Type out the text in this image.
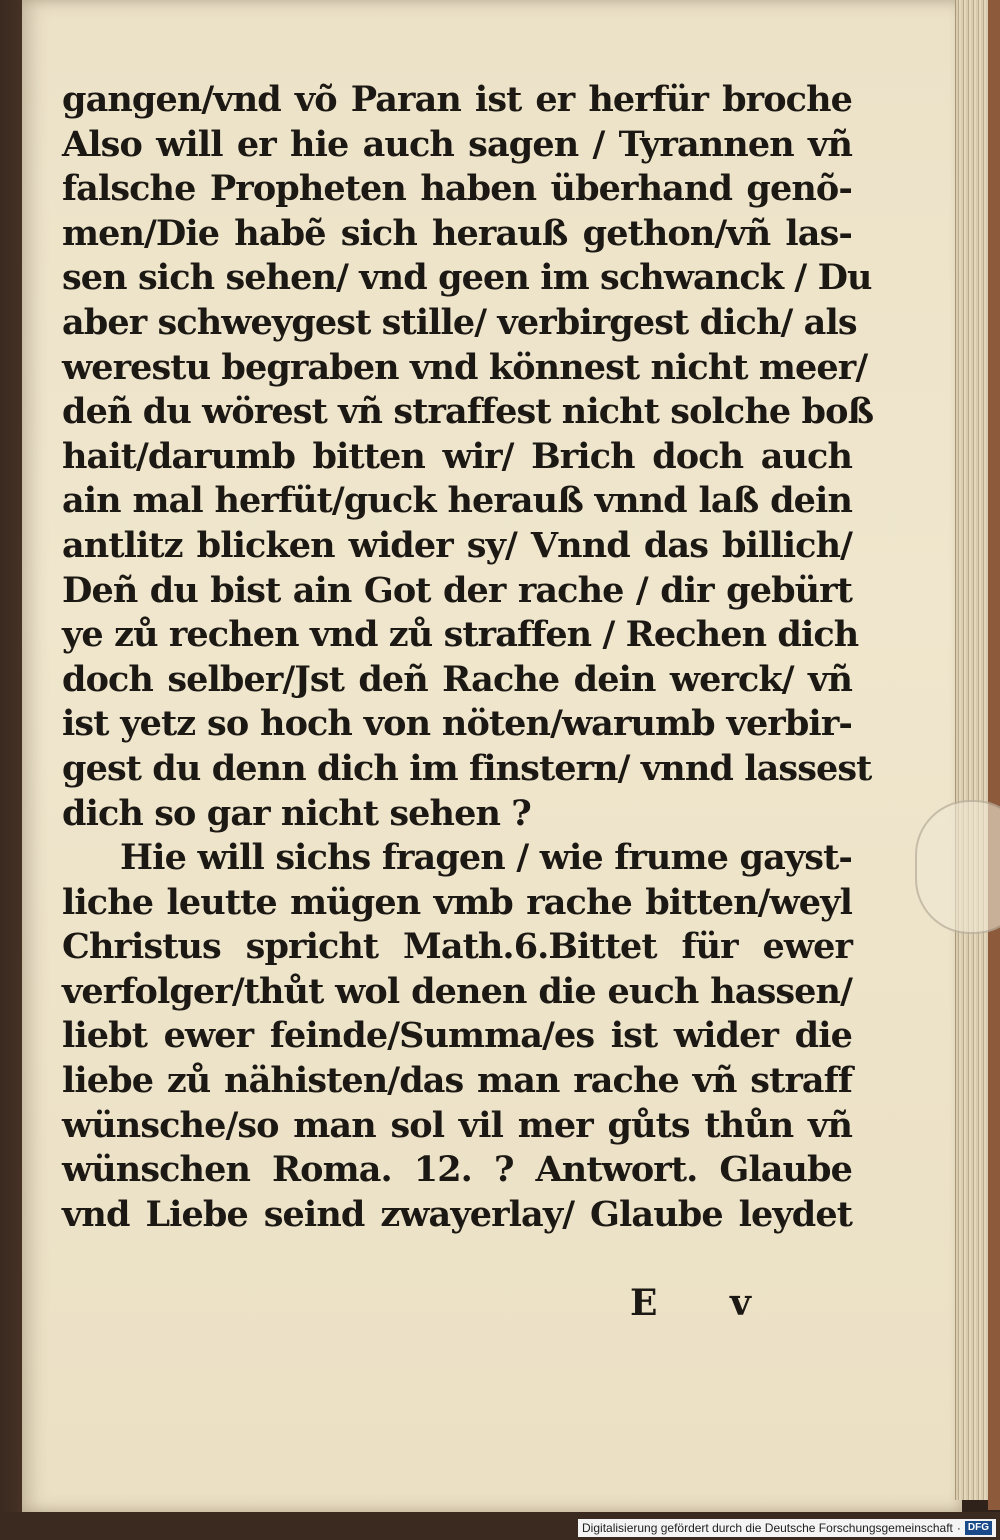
gangen/vnd võ Paran ist er herfür broche
Also will er hie auch sagen / Tyrannen vñ
falsche Propheten haben überhand genõ-
men/Die habẽ sich herauß gethon/vñ las-
sen sich sehen/ vnd geen im schwanck / Du
aber schweygest stille/ verbirgest dich/ als
werestu begraben vnd könnest nicht meer/
deñ du wörest vñ straffest nicht solche boß
hait/darumb bitten wir/ Brich doch auch
ain mal herfüt/guck herauß vnnd laß dein
antlitz blicken wider sy/ Vnnd das billich/
Deñ du bist ain Got der rache / dir gebürt
ye zů rechen vnd zů straffen / Rechen dich
doch selber/Jst deñ Rache dein werck/ vñ
ist yetz so hoch von nöten/warumb verbir-
gest du denn dich im finstern/ vnnd lassest
dich so gar nicht sehen ?
Hie will sichs fragen / wie frume gayst-
liche leutte mügen vmb rache bitten/weyl
Christus spricht Math.6.Bittet für ewer
verfolger/thůt wol denen die euch hassen/
liebt ewer feinde/Summa/es ist wider die
liebe zů nähisten/das man rache vñ straff
wünsche/so man sol vil mer gůts thůn vñ
wünschen Roma. 12. ? Antwort. Glaube
vnd Liebe seind zwayerlay/ Glaube leydet
E v
Digitalisierung gefördert durch die Deutsche Forschungsgemeinschaft · DFG
